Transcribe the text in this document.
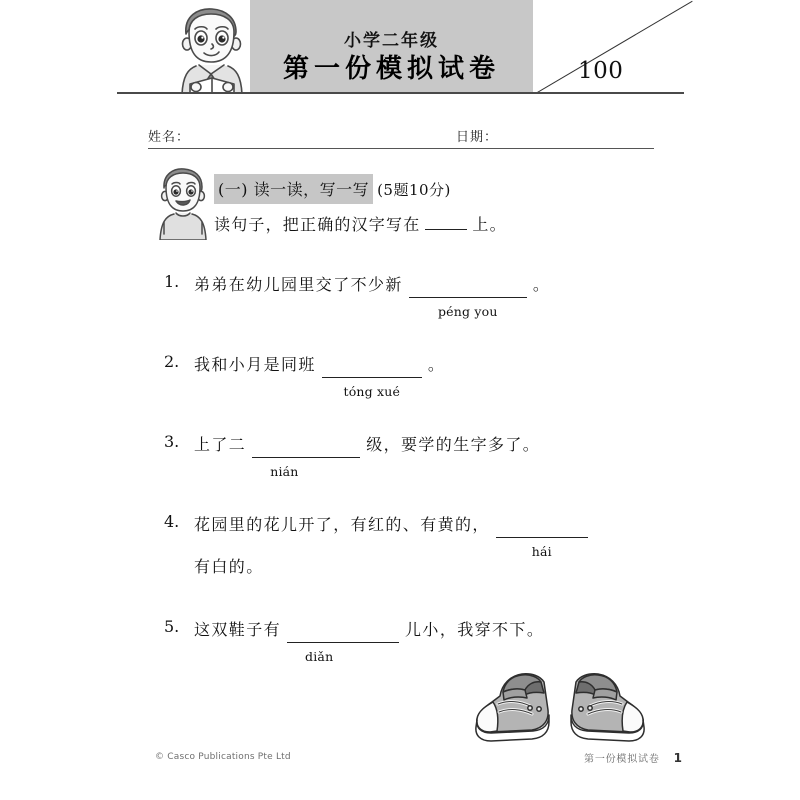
小学二年级
第一份模拟试卷	100
姓名：	日期：
(一) 读一读，写一写 (5题10分)
读句子，把正确的汉字写在	上。
1. 弟弟在幼儿园里交了不少新
péng you
。
2. 我和小月是同班
tóng xué
。
3. 上了二
nián
级，要学的生字多了。
4. 花园里的花儿开了，有红的、有黄的，
hái
有白的。
5. 这双鞋子有
diǎn
儿小，我穿不下。
© Casco Publications Pte Ltd	第一份模拟试卷 1
